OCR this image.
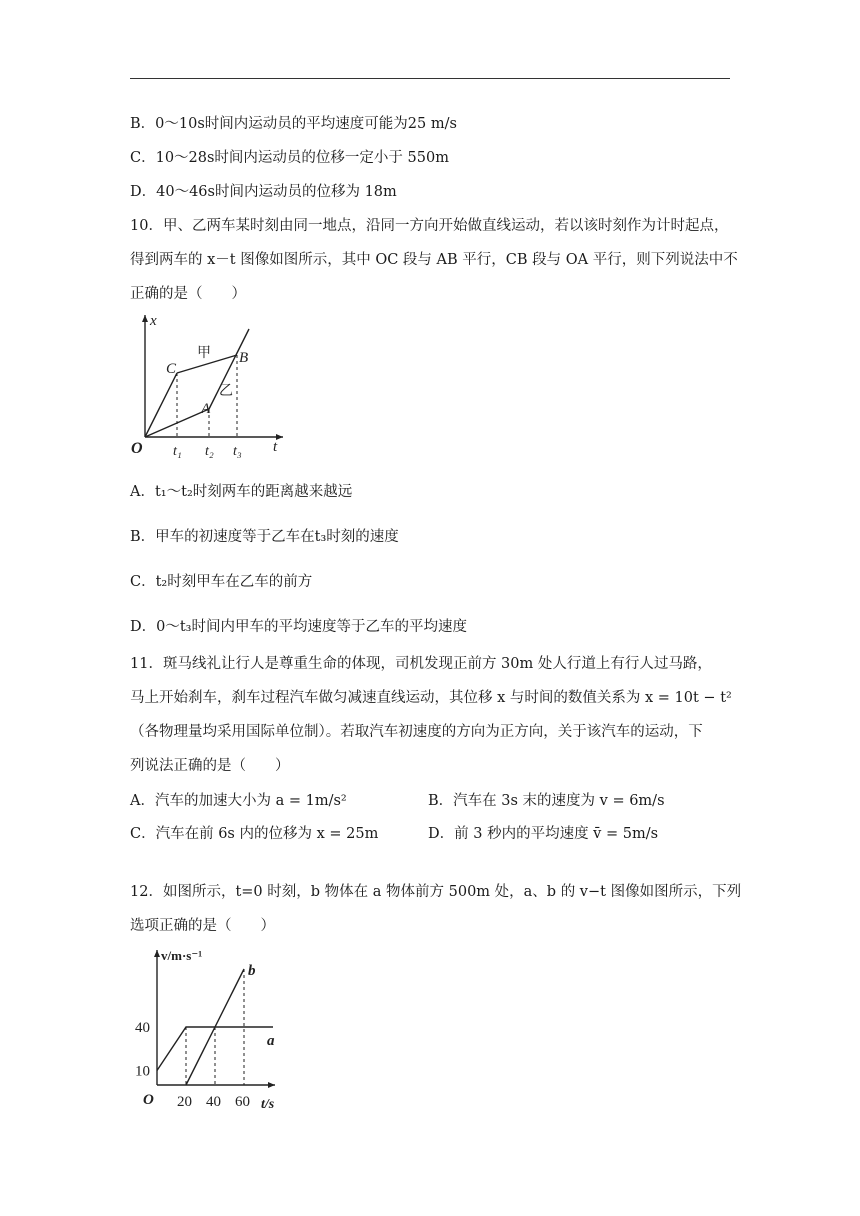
B．0～10s时间内运动员的平均速度可能为25 m/s
C．10～28s时间内运动员的位移一定小于 550m
D．40～46s时间内运动员的位移为 18m
10．甲、乙两车某时刻由同一地点，沿同一方向开始做直线运动，若以该时刻作为计时起点，
得到两车的 x－t 图像如图所示，其中 OC 段与 AB 平行，CB 段与 OA 平行，则下列说法中不
正确的是（　　）
x
t
O
C
A
B
甲
乙
t₁ t₂ t₃
A．t₁～t₂时刻两车的距离越来越远
B．甲车的初速度等于乙车在t₃时刻的速度
C．t₂时刻甲车在乙车的前方
D．0～t₃时间内甲车的平均速度等于乙车的平均速度
11．斑马线礼让行人是尊重生命的体现，司机发现正前方 30m 处人行道上有行人过马路，
马上开始刹车，刹车过程汽车做匀减速直线运动，其位移 x 与时间的数值关系为 x = 10t − t²
（各物理量均采用国际单位制）。若取汽车初速度的方向为正方向，关于该汽车的运动，下
列说法正确的是（　　）
A．汽车的加速大小为 a = 1m/s²	B．汽车在 3s 末的速度为 v = 6m/s
C．汽车在前 6s 内的位移为 x = 25m	D．前 3 秒内的平均速度 v̄ = 5m/s
12．如图所示，t=0 时刻，b 物体在 a 物体前方 500m 处，a、b 的 v−t 图像如图所示，下列
选项正确的是（　　）
v/m·s⁻¹
t/s
O
10
40
20 40 60
a
b
